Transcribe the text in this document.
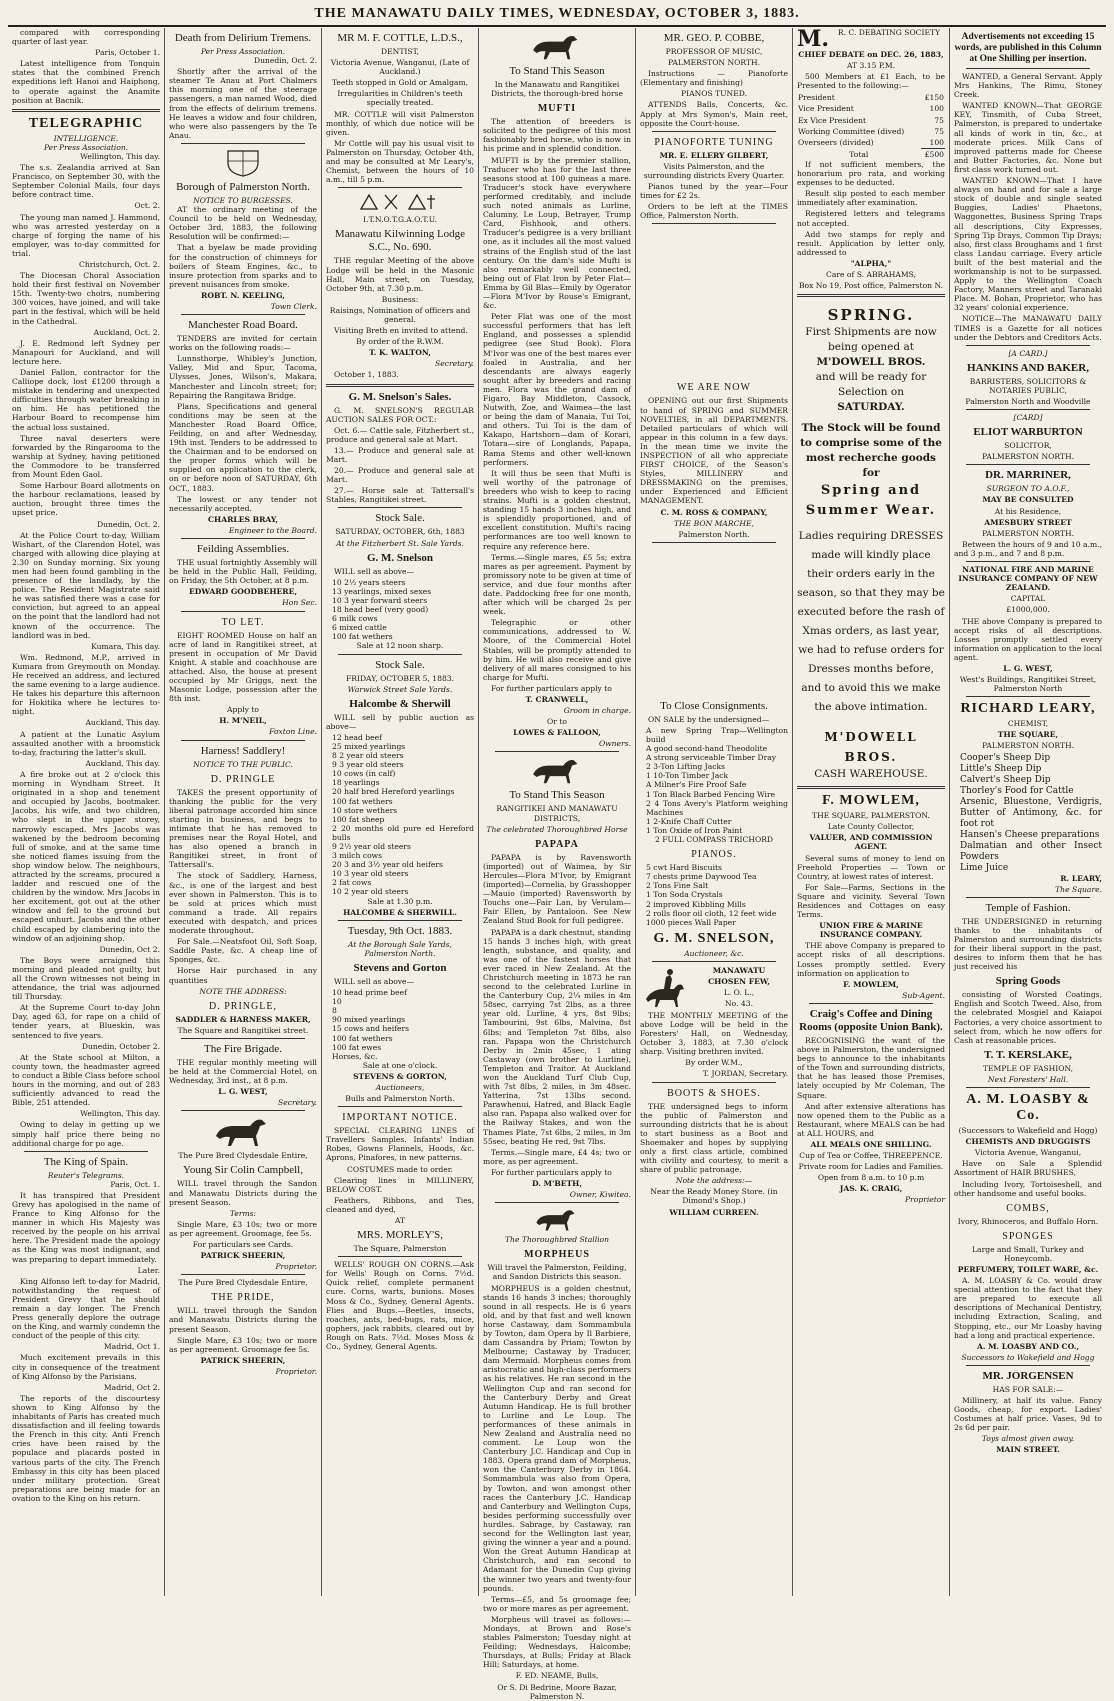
THE MANAWATU DAILY TIMES, WEDNESDAY, OCTOBER 3, 1883.

compared with corresponding quarter of last year.

Paris, October 1.

Latest intelligence from Tonquin states that the combined French expeditions left Hanoi and Haiphong, to operate against the Anamite position at Bacnik.

TELEGRAPHIC
INTELLIGENCE.
Per Press Association.

Wellington, This day.

The s.s. Zealandia arrived at San Francisco, on September 30, with the September Colonial Mails, four days before contract time.

Oct. 2.

The young man named J. Hammond, who was arrested yesterday on a charge of forging the name of his employer, was to-day committed for trial.

Christchurch, Oct. 2.

The Diocesan Choral Association hold their first festival on November 15th. Twenty-two choirs, numbering 300 voices, have joined, and will take part in the festival, which will be held in the Cathedral.

Auckland, Oct. 2.

J. E. Redmond left Sydney per Manapouri for Auckland, and will lecture here.

Daniel Fallon, contractor for the Calliope dock, lost £1200 through a mistake in tendering and unexpected difficulties through water breaking in on him. He has petitioned the Harbour Board to recompense him the actual loss sustained.

Three naval deserters were forwarded by the Ringarooma to the warship at Sydney, having petitioned the Commodore to be transferred from Mount Eden Gaol.

Some Harbour Board allotments on the harbour reclamations, leased by auction, brought three times the upset price.

Dunedin, Oct. 2.

At the Police Court to-day, William Wishart, of the Clarendon Hotel, was charged with allowing dice playing at 2.30 on Sunday morning. Six young men had been found gambling in the presence of the landlady, by the police. The Resident Magistrate said he was satisfied there was a case for conviction, but agreed to an appeal on the point that the landlord had not known of the occurrence. The landlord was in bed.

Kumara, This day.

Wm. Redmond, M.P., arrived in Kumara from Greymouth on Monday. He received an address, and lectured the same evening to a large audience. He takes his departure this afternoon for Hokitika where he lectures to-night.

Auckland, This day.

A patient at the Lunatic Asylum assaulted another with a broomstick to-day, fracturing the latter's skull.

Auckland, This day.

A fire broke out at 2 o'clock this morning in Wyndham Street. It originated in a shop and tenement and occupied by Jacobs, bootmaker. Jacobs, his wife, and two children, who slept in the upper storey, narrowly escaped. Mrs Jacobs was wakened by the bedroom becoming full of smoke, and at the same time she noticed flames issuing from the shop window below. The neighbours, attracted by the screams, procured a ladder and rescued one of the children by the window. Mrs Jacobs in her excitement, got out at the other window and fell to the ground but escaped unhurt. Jacobs and the other child escaped by clambering into the window of an adjoining shop.

Dunedin, Oct 2.

The Boys were arraigned this morning and pleaded not guilty, but all the Crown witnesses not being in attendance, the trial was adjourned till Thursday.

At the Supreme Court to-day John Day, aged 63, for rape on a child of tender years, at Blueskin, was sentenced to five years.

Dunedin, October 2.

At the State school at Milton, a county town, the headmaster agreed to conduct a Bible Class before school hours in the morning, and out of 283 sufficiently advanced to read the Bible, 251 attended.

Wellington, This day.

Owing to delay in getting up we simply half price there being no additional charge for po age.

The King of Spain.
Reuter's Telegrams.

Paris, Oct. 1.

It has transpired that President Grevy has apologised in the name of France to King Alfonso for the manner in which His Majesty was received by the people on his arrival here. The President made the apology as the King was most indignant, and was preparing to depart immediately.

Later.

King Alfonso left to-day for Madrid, notwithstanding the request of President Grevy that he should remain a day longer. The French Press generally deplore the outrage on the King, and warmly condemn the conduct of the people of this city.

Madrid, Oct 1.

Much excitement prevails in this city in consequence of the treatment of King Alfonso by the Parisians.

Madrid, Oct 2.

The reports of the discourtesy shown to King Alfonso by the inhabitants of Paris has created much dissatisfaction and ill feeling towards the French in this city. Anti French cries have been raised by the populace and placards posted in various parts of the city. The French Embassy in this city has been placed under military protection. Great preparations are being made for an ovation to the King on his return.

Death from Delirium Tremens.
Per Press Association.

Dunedin, Oct. 2.

Shortly after the arrival of the steamer Te Anau at Port Chalmers this morning one of the steerage passengers, a man named Wood, died from the effects of delirium tremens. He leaves a widow and four children, who were also passengers by the Te Anau.

Borough of Palmerston North.
NOTICE TO BURGESSES.

AT the ordinary meeting of the Council to be held on Wednesday, October 3rd, 1883, the following Resolution will be confirmed:—

That a byelaw be made providing for the construction of chimneys for boilers of Steam Engines, &c., to insure protection from sparks and to prevent nuisances from smoke.

ROBT. N. KEELING,

Town Clerk.

Manchester Road Board.

TENDERS are invited for certain works on the following roads:—

Lunnsthorpe, Whibley's Junction, Valley, Mid and Spur, Tacoma, Ulysses, Jones, Wilson's, Makara, Manchester and Lincoln street; for; Repairing the Rangitawa Bridge.

Plans, Specifications and general conditions may be seen at the Manchester Road Board Office, Feilding, on and after Wednesday, 19th inst. Tenders to be addressed to the Chairman and to be endorsed on the proper forms which will be supplied on application to the clerk, on or before noon of SATURDAY, 6th OCT., 1883.

The lowest or any tender not necessarily accepted.

CHARLES BRAY,

Engineer to the Board.

Feilding Assemblies.

THE usual fortnightly Assembly will be held in the Public Hall, Feilding, on Friday, the 5th October, at 8 p.m.

EDWARD GOODBEHERE,

Hon Sec.

TO LET.

EIGHT ROOMED House on half an acre of land in Rangitikei street, at present in occupation of Mr David Knight. A stable and coachhouse are attached. Also, the house at present occupied by Mr Griggs, next the Masonic Lodge, possession after the 8th inst.

Apply to

H. M'NEIL,

Foxton Line.

Harness! Saddlery!
NOTICE TO THE PUBLIC.
D. PRINGLE

TAKES the present opportunity of thanking the public for the very liberal patronage accorded him since starting in business, and begs to intimate that he has removed to premises near the Royal Hotel, and has also opened a branch in Rangitikei street, in front of Tattersall's.

The stock of Saddlery, Harness, &c., is one of the largest and best ever shown in Palmerston. This is to be sold at prices which must command a trade. All repairs executed with despatch, and prices moderate throughout.

For Sale.—Neatsfoot Oil, Soft Soap, Saddle Paste, &c. A cheap line of Sponges, &c.

Horse Hair purchased in any quantities

NOTE THE ADDRESS:

D. PRINGLE,

SADDLER & HARNESS MAKER,

The Square and Rangitikei street.

The Fire Brigade.

THE regular monthly meeting will be held at the Commercial Hotel, on Wednesday, 3rd inst., at 8 p.m.

L. G. WEST,

Secretary.

The Pure Bred Clydesdale Entire,

Young Sir Colin Campbell,

WILL travel through the Sandon and Manawatu Districts during the present Season.

Terms:

Single Mare, £3 10s; two or more as per agreement. Groomage, fee 5s.

For particulars see Cards.

PATRICK SHEERIN,

Proprietor.

The Pure Bred Clydesdale Entire,

THE PRIDE,

WILL travel through the Sandon and Manawatu Districts during the present Season.

Single Mare, £3 10s; two or more as per agreement. Groomage fee 5s.

PATRICK SHEERIN,

Proprietor.

MR M. F. COTTLE, L.D.S.,

DENTIST,

Victoria Avenue, Wanganui, (Late of Auckland.)

Teeth stopped in Gold or Amalgam,

Irregularities in Children's teeth specially treated.

MR. COTTLE will visit Palmerston monthly, of which due notice will be given.

Mr Cottle will pay his usual visit to Palmerston on Thursday, October 4th, and may be consulted at Mr Leary's, Chemist, between the hours of 10 a.m., till 5 p.m.

I.T.N.O.T.G.A.O.T.U.

Manawatu Kilwinning Lodge S.C., No. 690.

THE regular Meeting of the above Lodge will be held in the Masonic Hall, Main street, on Tuesday, October 9th, at 7.30 p.m.

Business:

Raisings, Nomination of officers and general.

Visiting Breth en invited to attend.

By order of the R.W.M.

T. K. WALTON,

Secretary.

October 1, 1883.

G. M. Snelson's Sales.

G. M. SNELSON'S REGULAR AUCTION SALES FOR OCT.:

Oct. 6.— Cattle sale, Fitzherbert st., produce and general sale at Mart.

13.— Produce and general sale at Mart.

20.— Produce and general sale at Mart.

27.— Horse sale at Tattersall's Stables, Rangitikei street.

Stock Sale.

SATURDAY, OCTOBER, 6th, 1883

At the Fitzherbert St. Sale Yards.

G. M. Snelson

WILL sell as above—

10 2½ years steers
13 yearlings, mixed sexes
10 3 year forward steers
18 head beef (very good)
6 milk cows
6 mixed cattle
100 fat wethers

Sale at 12 noon sharp.

Stock Sale.

FRIDAY, OCTOBER 5, 1883.

Warwick Street Sale Yards.

Halcombe & Sherwill

WILL sell by public auction as above—

12 head beef
25 mixed yearlings
8 2 year old steers
9 3 year old steers
10 cows (in calf)
18 yearlings
20 half bred Hereford yearlings
100 fat wethers
10 store wethers
100 fat sheep
2 20 months old pure ed Hereford bulls
9 2½ year old steers
3 milch cows
20 3 and 3½ year old heifers
10 3 year old steers
2 fat cows
10 2 year old steers

Sale at 1.30 p.m.

HALCOMBE & SHERWILL.

Tuesday, 9th Oct. 1883.

At the Borough Sale Yards, Palmerston North.

Stevens and Gorton

WILL sell as above—

10 head prime beef
10
8
90 mixed yearlings
15 cows and heifers
100 fat wethers
100 fat ewes
Horses, &c.

Sale at one o'clock.

STEVENS & GORTON,

Auctioneers,

Bulls and Palmerston North.

IMPORTANT NOTICE.

SPECIAL CLEARING LINES of Travellers Samples. Infants' Indian Robes, Gowns Flannels, Hoods, &c. Aprons, Pinafores, in new patterns.

COSTUMES made to order.

Clearing lines in MILLINERY, BELOW COST.

Feathers, Ribbons, and Ties, cleaned and dyed,

AT

MRS. MORLEY'S,

The Square, Palmerston

WELLS' ROUGH ON CORNS.—Ask for Wells' Rough on Corns. 7½d. Quick relief, complete permanent cure. Corns, warts, bunions. Moses Moss & Co., Sydney, General Agents. Flies and Bugs.—Beetles, insects, roaches, ants, bed-bugs, rats, mice, gophers, jack rabbits, cleared out by Rough on Rats. 7½d. Moses Moss & Co., Sydney, General Agents.

To Stand This Season

In the Manawatu and Rangitikei Districts, the thorough-bred horse

MUFTI

The attention of breeders is solicited to the pedigree of this most fashionably bred horse, who is now in his prime and in splendid condition.

MUFTI is by the premier stallion, Traducer who has for the last three seasons stood at 100 guineas a mare. Traducer's stock have everywhere performed creditably, and include such noted animals as Lurline, Calumny, Le Loup, Betrayer, Trump Card, Fishhook, and others. Traducer's pedigree is a very brilliant one, as it includes all the most valued strains of the English stud of the last century. On the dam's side Mufti is also remarkably well connected, being out of Flat Iron by Peter Flat—Emma by Gil Blas—Emily by Ogerator—Flora M'Ivor by Rouse's Emigrant, &c.

Peter Flat was one of the most successful performers that has left England, and possesses a splendid pedigree (see Stud Book). Flora M'Ivor was one of the best mares ever foaled in Australia, and her descendants are always eagerly sought after by breeders and racing men. Flora was the grand dam of Figaro, Bay Middleton, Cassock, Nutwith, Zoe, and Waimea—the last or being the dam of Manaia, Tui Toi, and others. Tui Toi is the dam of Kakapo, Hartshorn—dam of Korari, Totara—sire of Longlands, Papapa, Rama Stems and other well-known performers.

It will thus be seen that Mufti is well worthy of the patronage of breeders who wish to keep to racing strains. Mufti is a golden chestnut, standing 15 hands 3 inches high, and is splendidly proportioned, and of excellent constitution. Mufti's racing performances are too well known to require any reference here.

Terms.—Single mares, £5 5s; extra mares as per agreement. Payment by promissory note to be given at time of service, and due four months after date. Paddocking free for one month, after which will be charged 2s per week.

Telegraphic or other communications, addressed to W. Moore, of the Commercial Hotel Stables, will be promptly attended to by him. He will also receive and give delivery of all mares consigned to his charge for Mufti.

For further particulars apply to

T. CRANWELL,

Groom in charge.

Or to

LOWES & FALLOON,

Owners.

To Stand This Season

RANGITIKEI AND MANAWATU DISTRICTS,

The celebrated Thoroughbred Horse

PAPAPA

PAPAPA is by Ravensworth (imported) out of Waimea, by Sir Hercules—Flora M'Ivor, by Emigrant (imported)—Cornelia, by Grasshopper—Mauio (imported) Ravensworth by Touchs one—Fair Lan, by Verulam—Fair Ellen, by Pantaloon. See New Zealand Stud Book for full pedigree.

PAPAPA is a dark chestnut, standing 15 hands 3 inches high, with great length, substance, and quality, and was one of the fastest horses that ever raced in New Zealand. At the Christchurch meeting in 1873 he ran second to the celebrated Lurline in the Canterbury Cup, 2¼ miles in 4m 58sec, carrying 7st 2lbs, as a three year old. Lurline, 4 yrs, 8st 9lbs; Tambourini, 9st 6lbs, Malvina, 8st 6lbs; and Templeton 7st 8lbs, also ran. Papapa won the Christchurch Derby in 2min 45sec, 1 ating Castaway (own brother to Lurline), Templeton and Traitor. At Auckland won the Auckland Turf Club Cup, with 7st 8lbs, 2 miles, in 3m 48sec. Yatterina, 7st 13lbs second. Parawhenui, Hatred, and Black Eagle also ran. Papapa also walked over for the Railway Stakes, and won the Thames Plate, 7st 6lbs, 2 miles, in 3m 55sec, beating He red, 9st 7lbs.

Terms.—Single mare, £4 4s; two or more, as per agreement.

For further particulars apply to

D. M'BETH,

Owner, Kiwitea.

The Thoroughbred Stallion

MORPHEUS

Will travel the Palmerston, Feilding, and Sandon Districts this season.

MORPHEUS is a golden chestnut, stands 16 hands 3 inches; thoroughly sound in all respects. He is 6 years old, and by that fast and well known horse Castaway, dam Sommambula by Towton, dam Opera by Il Barbiere, dam Cassandra by Priam; Towton by Melbourne; Castaway by Traducer, dam Mermaid. Morpheus comes from aristocratic and high-class performers as his relatives. He ran second in the Wellington Cup and ran second for the Canterbury Derby and Great Autumn Handicap. He is full brother to Lurline and Le Loup. The performances of these animals in New Zealand and Australia need no comment. Le Loup won the Canterbury J.C. Handicap and Cup in 1883. Opera grand dam of Morpheus, won the Canterbury Derby in 1864. Sommambula was also from Opera, by Towton, and won amongst other races the Canterbury J.C. Handicap and Canterbury and Wellington Cups, besides performing successfully over hurdles. Sabrage, by Castaway, ran second for the Wellington last year, giving the winner a year and a pound. Won the Great Autumn Handicap at Christchurch, and ran second to Adamant for the Dunedin Cup giving the winner two years and twenty-four pounds.

Terms—£5, and 5s groomage fee; two or more mares as per agreement.

Morpheus will travel as follows:—Mondays, at Brown and Rose's stables Palmerston; Tuesday night at Feilding; Wednesdays, Halcombe; Thursdays, at Bulls; Friday at Black Hill; Saturdays, at home.

F. ED. NEAME, Bulls,

Or S. Di Bedrine, Moore Bazar, Palmerston N.

MR. GEO. P. COBBE,

PROFESSOR OF MUSIC,

PALMERSTON NORTH.

Instructions — Pianoforte (Elementary and finishing)

PIANOS TUNED.

ATTENDS Balls, Concerts, &c. Apply at Mrs Symon's, Main reet, opposite the Court-house.

PIANOFORTE TUNING

MR. E. ELLERY GILBERT,

Visits Palmerston, and the surrounding districts Every Quarter.

Pianos tuned by the year—Four times for £2 2s.

Orders to be left at the TIMES Office, Palmerston North.

WE ARE NOW

OPENING out our first Shipments to hand of SPRING and SUMMER NOVELTIES, in all DEPARTMENTS. Detailed particulars of which will appear in this column in a few days. In the mean time we invite the INSPECTION of all who appreciate FIRST CHOICE, of the Season's Styles, MILLINERY and DRESSMAKING on the premises, under Experienced and Efficient MANAGEMENT.

C. M. ROSS & COMPANY,

THE BON MARCHE,

Palmerston North.

To Close Consignments.

ON SALE by the undersigned—

A new Spring Trap—Wellington build
A good second-hand Theodolite
A strong serviceable Timber Dray
2 3-Ton Lifting Jacks
1 10-Ton Timber Jack
A Milner's Fire Proof Safe
1 Ton Black Barbed Fencing Wire
2 4 Tons Avery's Platform weighing Machines
1 2-Knife Chaff Cutter
1 Ton Oxide of Iron Paint

2 FULL COMPASS TRICHORD

PIANOS.
5 cwt Hard Biscuits
7 chests prime Daywood Tea
2 Tons Fine Salt
1 Ton Soda Crystals
2 improved Kibbling Mills
2 rolls floor oil cloth, 12 feet wide
1000 pieces Wall Paper
G. M. SNELSON,

Auctioneer, &c.

MANAWATU

CHOSEN FEW,

L. O. L.,

No. 43.

THE MONTHLY MEETING of the above Lodge will be held in the Foresters' Hall, on Wednesday, October 3, 1883, at 7.30 o'clock sharp. Visiting brethren invited.

By order W.M.,

T. JORDAN, Secretary.

BOOTS & SHOES.

THE undersigned begs to inform the public of Palmerston and surrounding districts that he is about to start business as a Boot and Shoemaker and hopes by supplying only a first class article, combined with civility and courtesy, to merit a share of public patronage.

Note the address:—

Near the Ready Money Store. (in Dimond's Shop.)

WILLIAM CURREEN.

M.	R. C. DEBATING SOCIETY

CHIEF DEBATE on DEC. 26, 1883,

AT 3.15 P.M.

500 Members at £1 Each, to be Presented to the following:—

President	£150
Vice President	100
Ex Vice President	75
Working Committee (dived)	75
Overseers (divided)	100
Total	£500

If not sufficient members, the honorarium pro rata, and working expenses to be deducted.

Result slip posted to each member immediately after examination.

Registered letters and telegrams not accepted.

Add two stamps for reply and result. Application by letter only, addressed to

"ALPHA,"

Care of S. ABRAHAMS,

Box No 19, Post office, Palmerston N.

SPRING.
First Shipments are now being opened at
M'DOWELL BROS.
and will be ready for Selection on
SATURDAY.
The Stock will be found to comprise some of the most recherche goods for
Spring and Summer Wear.
Ladies requiring DRESSES made will kindly place their orders early in the season, so that they may be executed before the rash of Xmas orders, as last year, we had to refuse orders for Dresses months before, and to avoid this we make the above intimation.
M'DOWELL BROS.
CASH WAREHOUSE.
F. MOWLEM,

THE SQUARE, PALMERSTON.

Late County Collector,

VALUER, AND COMMISSION AGENT.

Several sums of money to lend on Freehold Properties — Town or Country, at lowest rates of interest.

For Sale—Farms, Sections in the Square and vicinity. Several Town Residences and Cottages on easy Terms.

UNION FIRE & MARINE INSURANCE COMPANY.

THE above Company is prepared to accept risks of all descriptions. Losses promptly settled. Every information on application to

F. MOWLEM,

Sub-Agent.

Craig's Coffee and Dining Rooms (opposite Union Bank).

RECOGNISING the want of the above in Palmerston, the undersigned begs to announce to the inhabitants of the Town and surrounding districts, that he has leased those Premises, lately occupied by Mr Coleman, The Square.

And after extensive alterations has now opened them to the Public as a Restaurant, where MEALS can be had at ALL HOURS, and

ALL MEALS ONE SHILLING.

Cup of Tea or Coffee, THREEPENCE.

Private room for Ladies and Families.

Open from 8 a.m. to 10 p.m

JAS. K. CRAIG,

Proprietor

Advertisements not exceeding 15 words, are published in this Column at One Shilling per insertion.

WANTED, a General Servant. Apply Mrs Hankins, The Rimu, Stoney Creek.

WANTED KNOWN—That GEORGE KEY, Tinsmith, of Cuba Street, Palmerston, is prepared to undertake all kinds of work in tin, &c., at moderate prices. Milk Cans of improved patterns made for Cheese and Butter Factories, &c. None but first class work turned out.

WANTED KNOWN—That I have always on hand and for sale a large stock of double and single seated Buggies, Ladies' Phaetons, Waggonettes, Business Spring Traps all descriptions, City Expresses, Spring Tip Drays, Common Tip Drays; also, first class Broughams and 1 first class Landau carriage. Every article built of the best material and the workmanship is not to be surpassed. Apply to the Wellington Coach Factory, Manners street and Taranaki Place. M. Bohan, Proprietor, who has 32 years' colonial experience.

NOTICE—The MANAWATU DAILY TIMES is a Gazette for all notices under the Debtors and Creditors Acts.

[A CARD.]

HANKINS AND BAKER,

BARRISTERS, SOLICITORS & NOTARIES PUBLIC,

Palmerston North and Woodville

[CARD]

ELIOT WARBURTON

SOLICITOR,

PALMERSTON NORTH.

DR. MARRINER,

SURGEON TO A.O.F.,

MAY BE CONSULTED

At his Residence,

AMESBURY STREET

PALMERSTON NORTH.

Between the hours of 9 and 10 a.m., and 3 p.m., and 7 and 8 p.m.

NATIONAL FIRE AND MARINE INSURANCE COMPANY OF NEW ZEALAND.

CAPITAL

£1000,000.

THE above Company is prepared to accept risks of all descriptions. Losses promptly settled every information on application to the local agent.

L. G. WEST,

West's Buildings, Rangitikei Street, Palmerston North

RICHARD LEARY,

CHEMIST,

THE SQUARE,

PALMERSTON NORTH.

Cooper's Sheep Dip
Little's Sheep Dip
Calvert's Sheep Dip
Thorley's Food for Cattle
Arsenic, Bluestone, Verdigris, Butter of Antimony, &c. for foot rot
Hansen's Cheese preparations
Dalmatian and other Insect Powders
Lime Juice

R. LEARY,

The Square.

Temple of Fashion.

THE UNDERSIGNED in returning thanks to the inhabitants of Palmerston and surrounding districts for their liberal support in the past, desires to inform them that he has just received his

Spring Goods

consisting of Worsted Coatings, English and Scotch Tweed. Also, from the celebrated Mosgiel and Kaiapoi Factories, a very choice assortment to select from, which he now offers for Cash at reasonable prices.

T. T. KERSLAKE,

TEMPLE OF FASHION,

Next Foresters' Hall.

A. M. LOASBY & Co.

(Successors to Wakefield and Hogg)

CHEMISTS AND DRUGGISTS

Victoria Avenue, Wanganui,

Have on Sale a Splendid Assortment of HAIR BRUSHES,

Including Ivory, Tortoiseshell, and other handsome and useful books.

COMBS,

Ivory, Rhinoceros, and Buffalo Horn.

SPONGES

Large and Small, Turkey and Honeycomb.

PERFUMERY, TOILET WARE, &c.

A. M. LOASBY & Co. would draw special attention to the fact that they are prepared to execute all descriptions of Mechanical Dentistry, including Extraction, Scaling, and Stopping, etc., our Mr Loasby having had a long and practical experience.

A. M. LOASBY AND CO.,

Successors to Wakefield and Hogg

MR. JORGENSEN

HAS FOR SALE:—

Millinery, at half its value. Fancy Goods, cheap, for export. Ladies' Costumes at half price. Vases, 9d to 2s 6d per pair.

Toys almost given away.

MAIN STREET.
